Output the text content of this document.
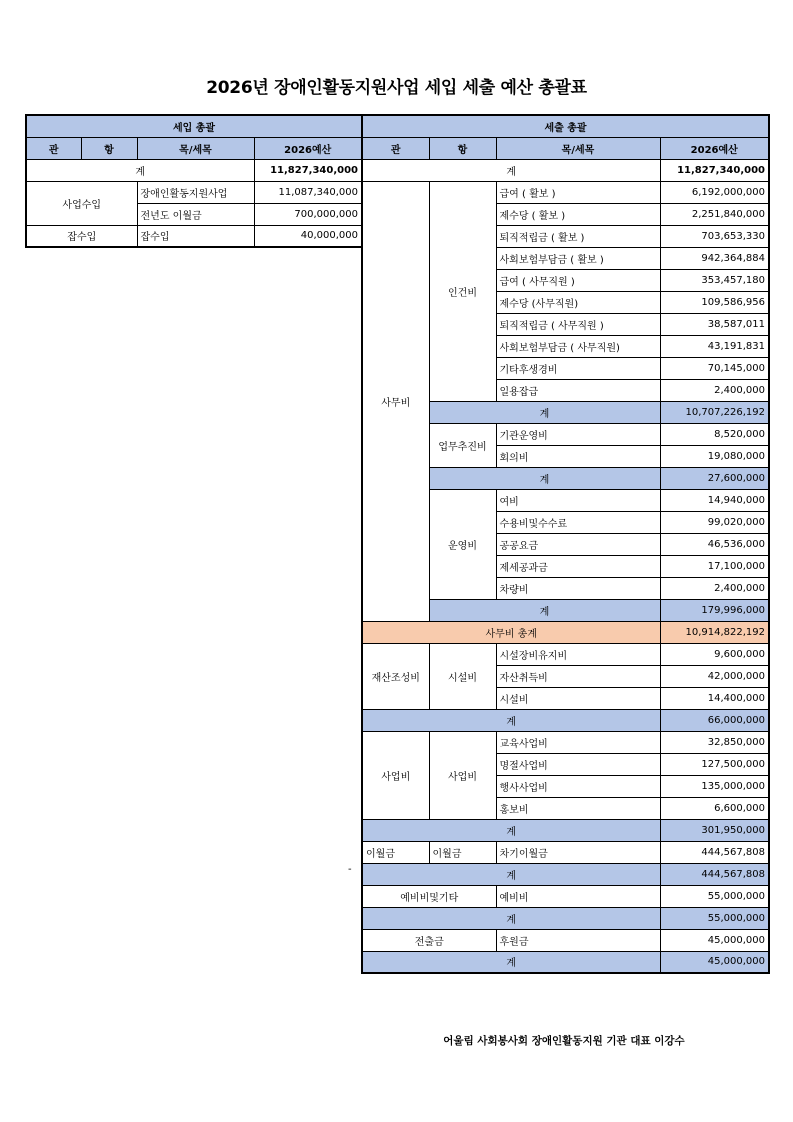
2026년 장애인활동지원사업 세입 세출 예산 총괄표
세입 총괄			
관	항	목/세목	2026예산
계			11,827,340,000
사업수입		장애인활동지원사업	11,087,340,000
		전년도 이월금	700,000,000
잡수입		잡수입	40,000,000
세출 총괄			
관	항	목/세목	2026예산
계			11,827,340,000
사무비	인건비	급여 ( 활보 )	6,192,000,000
		제수당 ( 활보 )	2,251,840,000
		퇴직적립금 ( 활보 )	703,653,330
		사회보험부담금 ( 활보 )	942,364,884
		급여 ( 사무직원 )	353,457,180
		제수당 (사무직원)	109,586,956
		퇴직적립금 ( 사무직원 )	38,587,011
		사회보험부담금 ( 사무직원)	43,191,831
		기타후생경비	70,145,000
		일용잡급	2,400,000
	계		10,707,226,192
	업무추진비	기관운영비	8,520,000
		회의비	19,080,000
	계		27,600,000
	운영비	여비	14,940,000
		수용비및수수료	99,020,000
		공공요금	46,536,000
		제세공과금	17,100,000
		차량비	2,400,000
	계		179,996,000
사무비 총계			10,914,822,192
재산조성비	시설비	시설장비유지비	9,600,000
		자산취득비	42,000,000
		시설비	14,400,000
계			66,000,000
사업비	사업비	교육사업비	32,850,000
		명절사업비	127,500,000
		행사사업비	135,000,000
		홍보비	6,600,000
계			301,950,000
이월금	이월금	차기이월금	444,567,808
계			444,567,808
예비비및기타		예비비	55,000,000
계			55,000,000
전출금		후원금	45,000,000
계			45,000,000
-
어울림 사회봉사회 장애인활동지원 기관 대표 이강수
